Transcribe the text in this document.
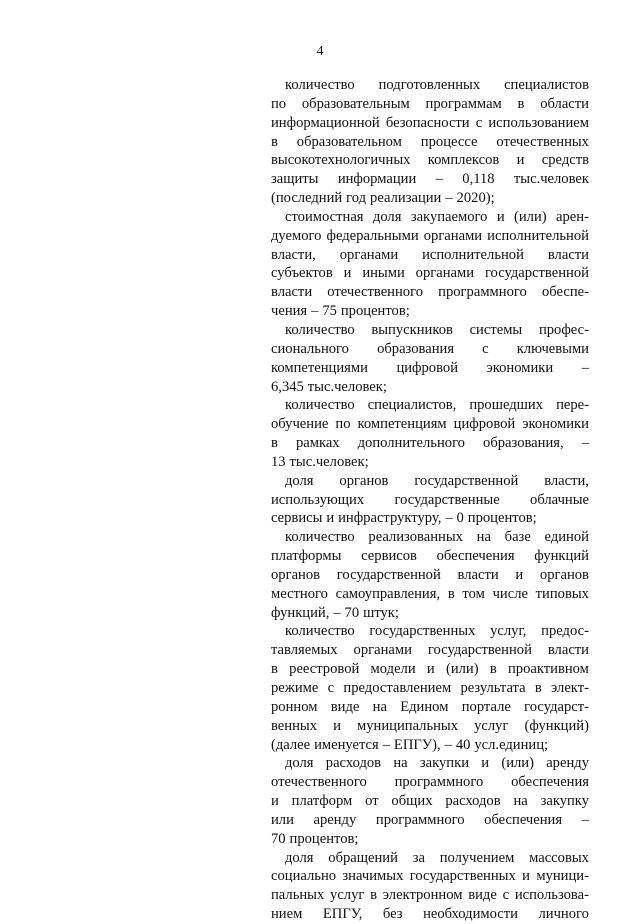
4
количество подготовленных специалистов
по образовательным программам в области
информационной безопасности с использованием
в образовательном процессе отечественных
высокотехнологичных комплексов и средств
защиты информации – 0,118 тыс.человек
(последний год реализации – 2020);
стоимостная доля закупаемого и (или) арен-
дуемого федеральными органами исполнительной
власти, органами исполнительной власти
субъектов и иными органами государственной
власти отечественного программного обеспе-
чения – 75 процентов;
количество выпускников системы профес-
сионального образования с ключевыми
компетенциями цифровой экономики –
6,345 тыс.человек;
количество специалистов, прошедших пере-
обучение по компетенциям цифровой экономики
в рамках дополнительного образования, –
13 тыс.человек;
доля органов государственной власти,
использующих государственные облачные
сервисы и инфраструктуру, – 0 процентов;
количество реализованных на базе единой
платформы сервисов обеспечения функций
органов государственной власти и органов
местного самоуправления, в том числе типовых
функций, – 70 штук;
количество государственных услуг, предос-
тавляемых органами государственной власти
в реестровой модели и (или) в проактивном
режиме с предоставлением результата в элект-
ронном виде на Едином портале государст-
венных и муниципальных услуг (функций)
(далее именуется – ЕПГУ), – 40 усл.единиц;
доля расходов на закупки и (или) аренду
отечественного программного обеспечения
и платформ от общих расходов на закупку
или аренду программного обеспечения –
70 процентов;
доля обращений за получением массовых
социально значимых государственных и муници-
пальных услуг в электронном виде с использова-
нием ЕПГУ, без необходимости личного
